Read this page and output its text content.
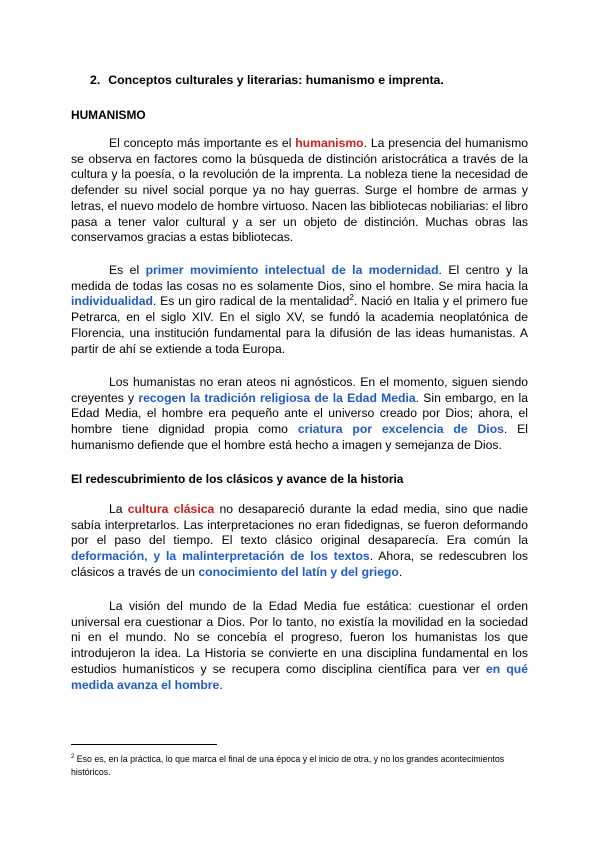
2. Conceptos culturales y literarias: humanismo e imprenta.
HUMANISMO

El concepto más importante es el humanismo. La presencia del humanismo se observa en factores como la búsqueda de distinción aristocrática a través de la cultura y la poesía, o la revolución de la imprenta. La nobleza tiene la necesidad de defender su nivel social porque ya no hay guerras. Surge el hombre de armas y letras, el nuevo modelo de hombre virtuoso. Nacen las bibliotecas nobiliarias: el libro pasa a tener valor cultural y a ser un objeto de distinción. Muchas obras las conservamos gracias a estas bibliotecas.

Es el primer movimiento intelectual de la modernidad. El centro y la medida de todas las cosas no es solamente Dios, sino el hombre. Se mira hacia la individualidad. Es un giro radical de la mentalidad$^2$. Nació en Italia y el primero fue Petrarca, en el siglo XIV. En el siglo XV, se fundó la academia neoplatónica de Florencia, una institución fundamental para la difusión de las ideas humanistas. A partir de ahí se extiende a toda Europa.

Los humanistas no eran ateos ni agnósticos. En el momento, siguen siendo creyentes y recogen la tradición religiosa de la Edad Media. Sin embargo, en la Edad Media, el hombre era pequeño ante el universo creado por Dios; ahora, el hombre tiene dignidad propia como criatura por excelencia de Dios. El humanismo defiende que el hombre está hecho a imagen y semejanza de Dios.

El redescubrimiento de los clásicos y avance de la historia

La cultura clásica no desapareció durante la edad media, sino que nadie sabía interpretarlos. Las interpretaciones no eran fidedignas, se fueron deformando por el paso del tiempo. El texto clásico original desaparecía. Era común la deformación, y la malinterpretación de los textos. Ahora, se redescubren los clásicos a través de un conocimiento del latín y del griego.

La visión del mundo de la Edad Media fue estática: cuestionar el orden universal era cuestionar a Dios. Por lo tanto, no existía la movilidad en la sociedad ni en el mundo. No se concebía el progreso, fueron los humanistas los que introdujeron la idea. La Historia se convierte en una disciplina fundamental en los estudios humanísticos y se recupera como disciplina científica para ver en qué medida avanza el hombre.

$^2$ Eso es, en la práctica, lo que marca el final de una época y el inicio de otra, y no los grandes acontecimientos históricos.
